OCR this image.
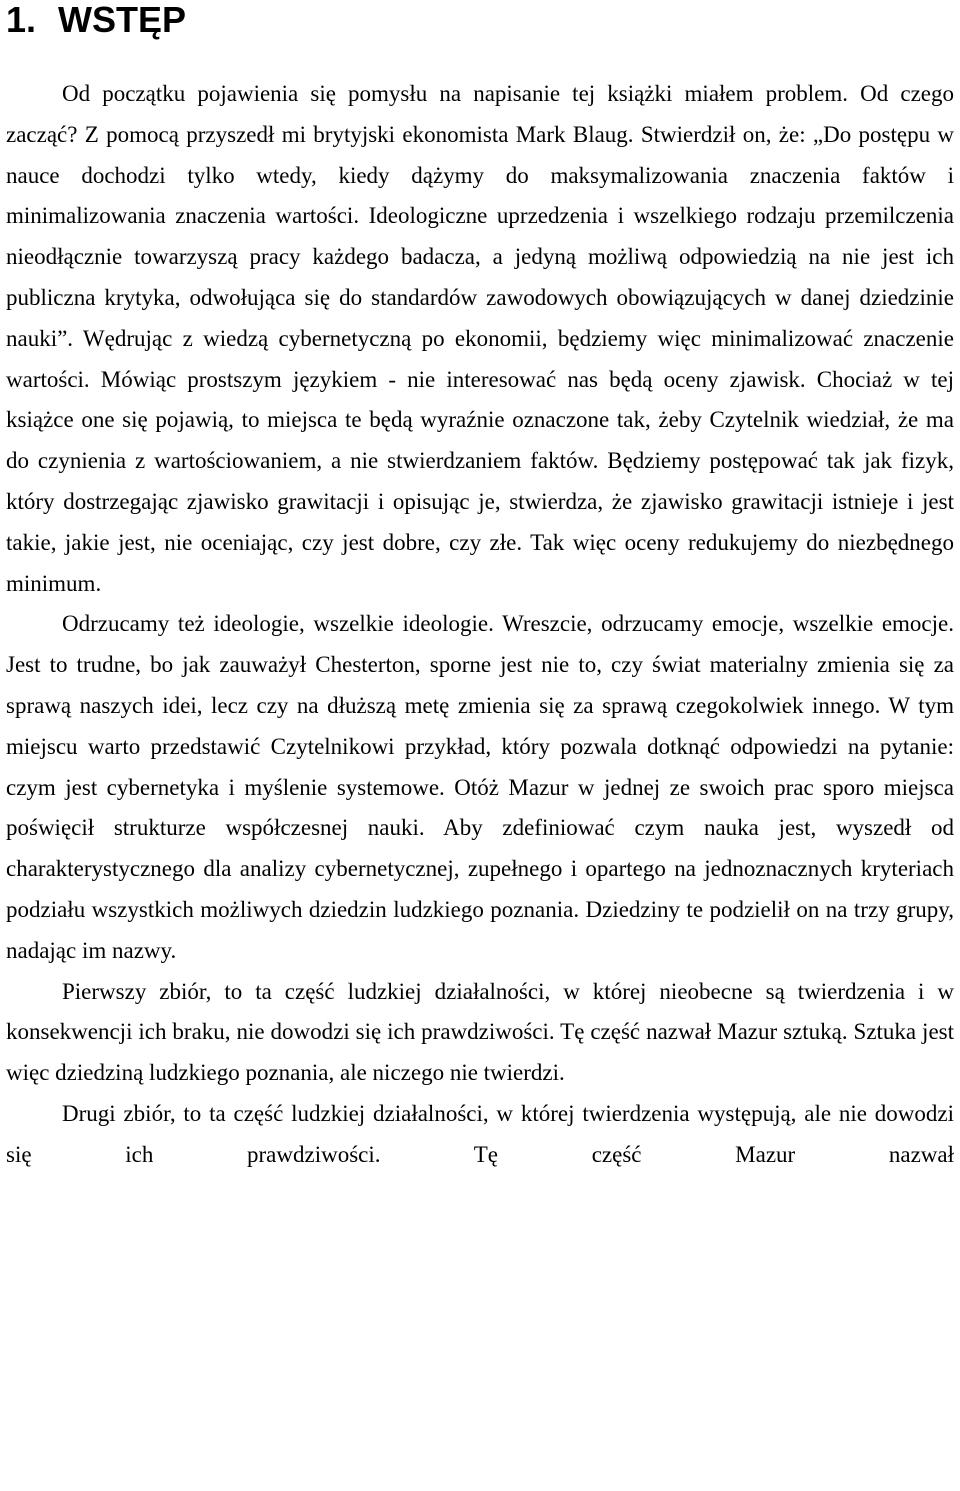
1. WSTĘP

Od początku pojawienia się pomysłu na napisanie tej książki miałem problem. Od czego zacząć? Z pomocą przyszedł mi brytyjski ekonomista Mark Blaug. Stwierdził on, że: „Do postępu w nauce dochodzi tylko wtedy, kiedy dążymy do maksymalizowania znaczenia faktów i minimalizowania znaczenia wartości. Ideologiczne uprzedzenia i wszelkiego rodzaju przemilczenia nieodłącznie towarzyszą pracy każdego badacza, a jedyną możliwą odpowiedzią na nie jest ich publiczna krytyka, odwołująca się do standardów zawodowych obowiązujących w danej dziedzinie nauki”. Wędrując z wiedzą cybernetyczną po ekonomii, będziemy więc minimalizować znaczenie wartości. Mówiąc prostszym językiem - nie interesować nas będą oceny zjawisk. Chociaż w tej książce one się pojawią, to miejsca te będą wyraźnie oznaczone tak, żeby Czytelnik wiedział, że ma do czynienia z wartościowaniem, a nie stwierdzaniem faktów. Będziemy postępować tak jak fizyk, który dostrzegając zjawisko grawitacji i opisując je, stwierdza, że zjawisko grawitacji istnieje i jest takie, jakie jest, nie oceniając, czy jest dobre, czy złe. Tak więc oceny redukujemy do niezbędnego minimum.

Odrzucamy też ideologie, wszelkie ideologie. Wreszcie, odrzucamy emocje, wszelkie emocje. Jest to trudne, bo jak zauważył Chesterton, sporne jest nie to, czy świat materialny zmienia się za sprawą naszych idei, lecz czy na dłuższą metę zmienia się za sprawą czegokolwiek innego. W tym miejscu warto przedstawić Czytelnikowi przykład, który pozwala dotknąć odpowiedzi na pytanie: czym jest cybernetyka i myślenie systemowe. Otóż Mazur w jednej ze swoich prac sporo miejsca poświęcił strukturze współczesnej nauki. Aby zdefiniować czym nauka jest, wyszedł od charakterystycznego dla analizy cybernetycznej, zupełnego i opartego na jednoznacznych kryteriach podziału wszystkich możliwych dziedzin ludzkiego poznania. Dziedziny te podzielił on na trzy grupy, nadając im nazwy.

Pierwszy zbiór, to ta część ludzkiej działalności, w której nieobecne są twierdzenia i w konsekwencji ich braku, nie dowodzi się ich prawdziwości. Tę część nazwał Mazur sztuką. Sztuka jest więc dziedziną ludzkiego poznania, ale niczego nie twierdzi.

Drugi zbiór, to ta część ludzkiej działalności, w której twierdzenia występują, ale nie dowodzi się ich prawdziwości. Tę część Mazur nazwał
